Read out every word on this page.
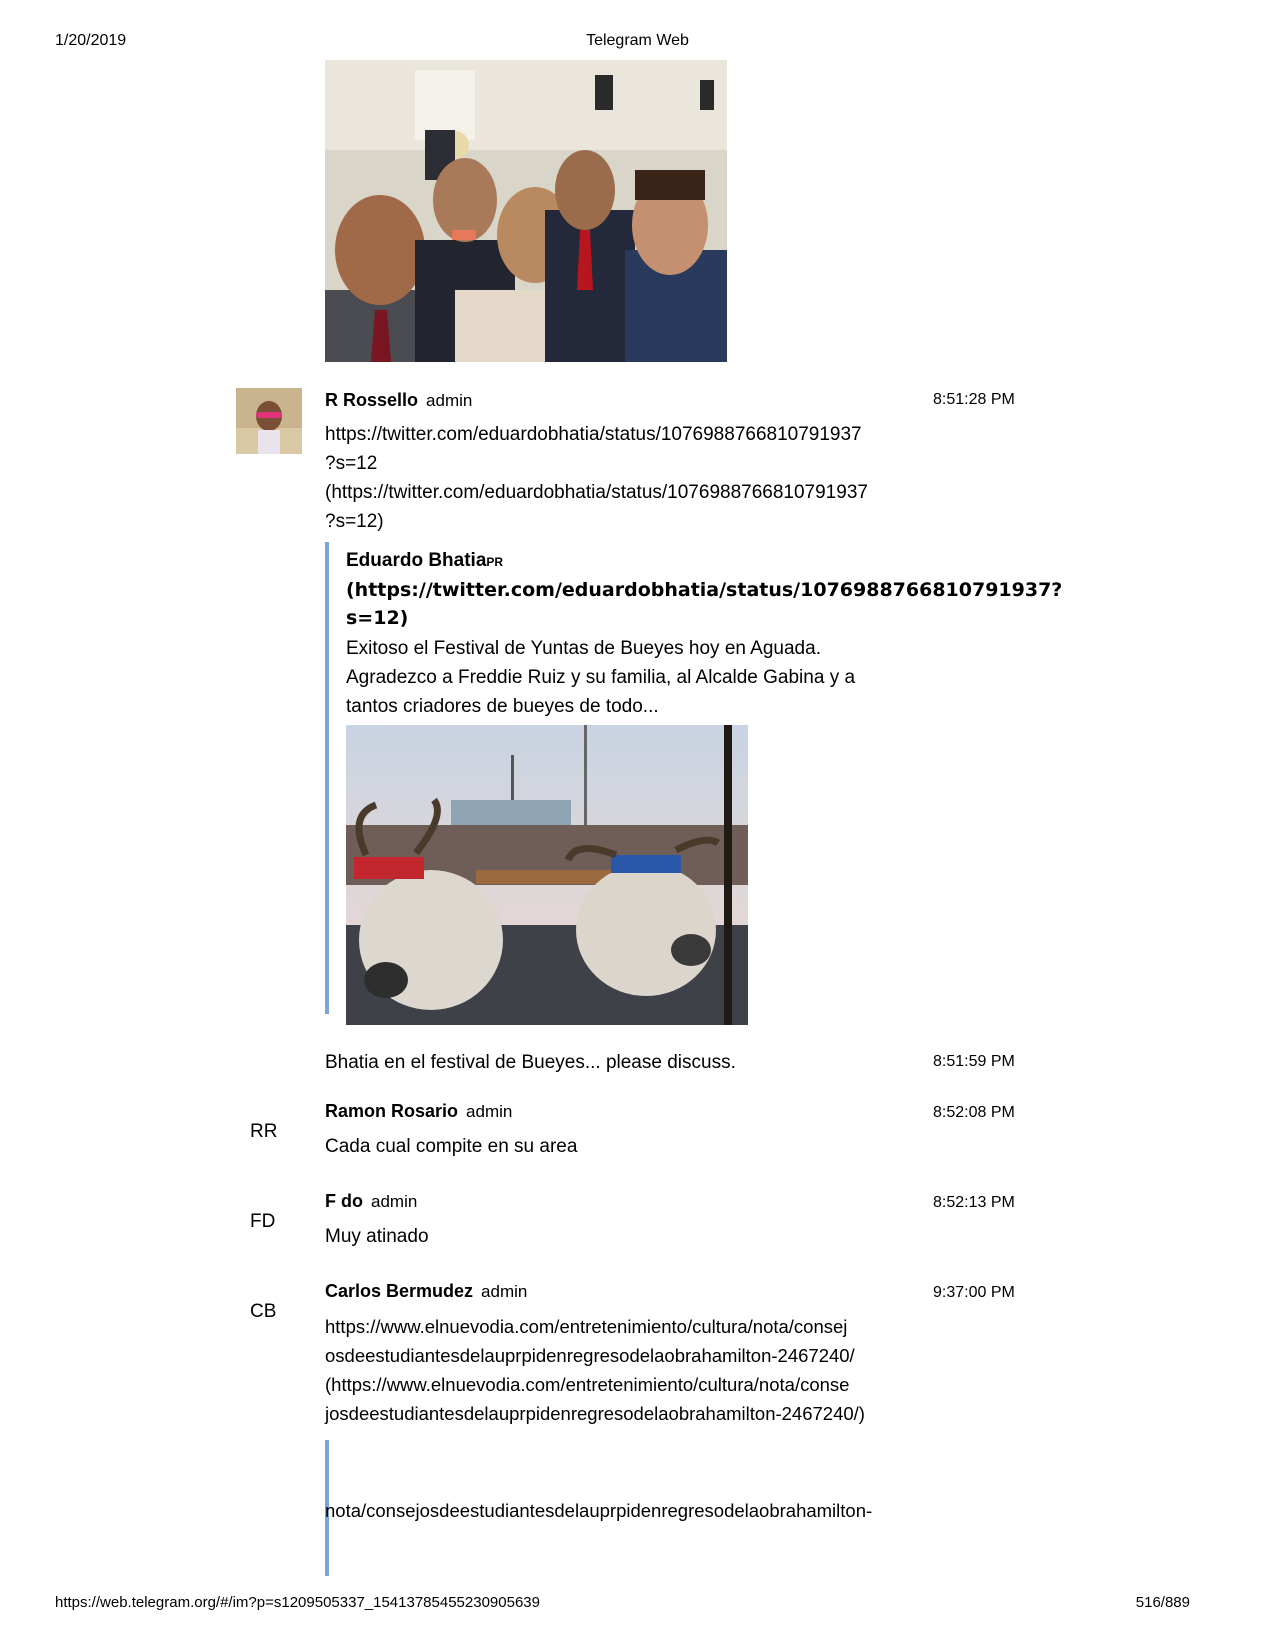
1/20/2019	Telegram Web
https://web.telegram.org/#/im?p=s1209505337_15413785455230905639	516/889
R Rossello admin	8:51:28 PM
https://twitter.com/eduardobhatia/status/1076988766810791937
?s=12
(https://twitter.com/eduardobhatia/status/1076988766810791937
?s=12)
Eduardo BhatiaPR
(https://twitter.com/eduardobhatia/status/1076988766810791937?
s=12)
Exitoso el Festival de Yuntas de Bueyes hoy en Aguada.
Agradezco a Freddie Ruiz y su familia, al Alcalde Gabina y a
tantos criadores de bueyes de todo...
Bhatia en el festival de Bueyes... please discuss.	8:51:59 PM
RR
Ramon Rosario admin	8:52:08 PM
Cada cual compite en su area
FD
F do admin	8:52:13 PM
Muy atinado
CB
Carlos Bermudez admin	9:37:00 PM
https://www.elnuevodia.com/entretenimiento/cultura/nota/consej
osdeestudiantesdelauprpidenregresodelaobrahamilton-2467240/
(https://www.elnuevodia.com/entretenimiento/cultura/nota/conse
josdeestudiantesdelauprpidenregresodelaobrahamilton-2467240/)
nota/consejosdeestudiantesdelauprpidenregresodelaobrahamilton-
